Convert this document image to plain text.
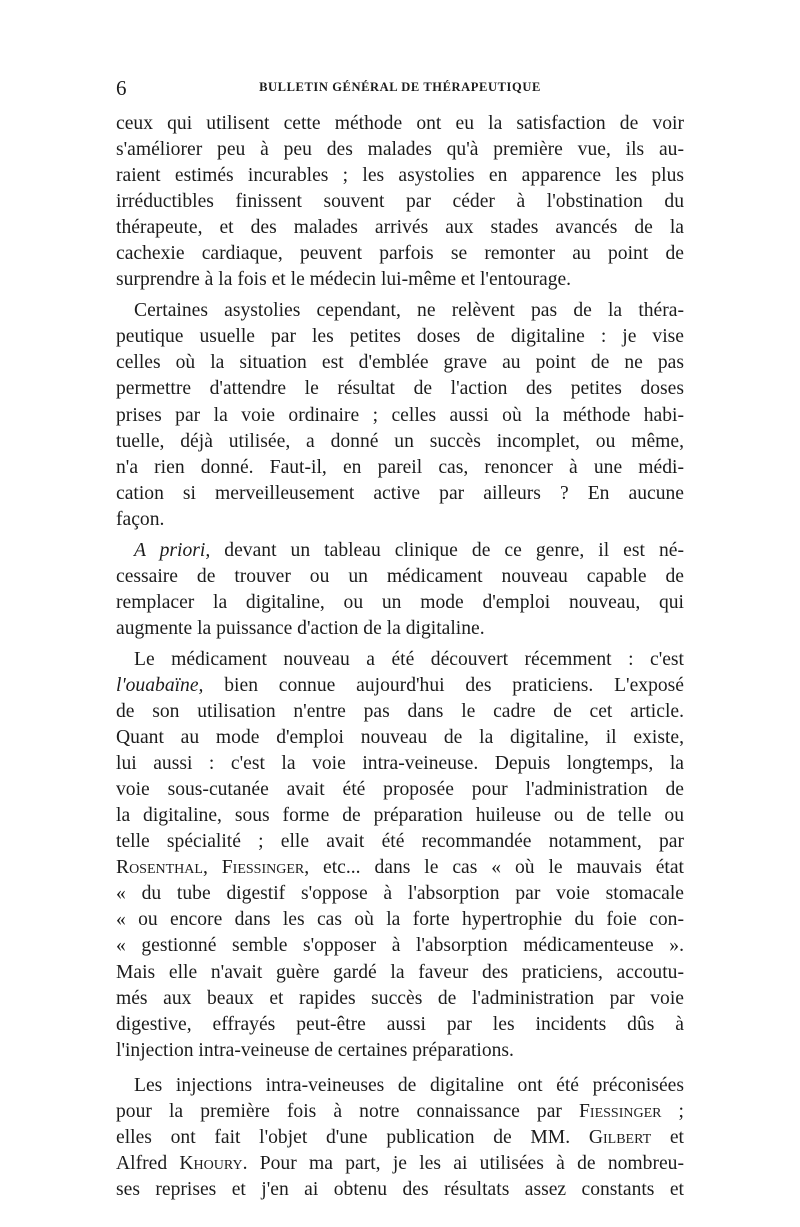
6	BULLETIN GÉNÉRAL DE THÉRAPEUTIQUE
ceux qui utilisent cette méthode ont eu la satisfaction de voir
s'améliorer peu à peu des malades qu'à première vue, ils au-
raient estimés incurables ; les asystolies en apparence les plus
irréductibles finissent souvent par céder à l'obstination du
thérapeute, et des malades arrivés aux stades avancés de la
cachexie cardiaque, peuvent parfois se remonter au point de
surprendre à la fois et le médecin lui-même et l'entourage.
Certaines asystolies cependant, ne relèvent pas de la théra-
peutique usuelle par les petites doses de digitaline : je vise
celles où la situation est d'emblée grave au point de ne pas
permettre d'attendre le résultat de l'action des petites doses
prises par la voie ordinaire ; celles aussi où la méthode habi-
tuelle, déjà utilisée, a donné un succès incomplet, ou même,
n'a rien donné. Faut-il, en pareil cas, renoncer à une médi-
cation si merveilleusement active par ailleurs ? En aucune
façon.
A priori, devant un tableau clinique de ce genre, il est né-
cessaire de trouver ou un médicament nouveau capable de
remplacer la digitaline, ou un mode d'emploi nouveau, qui
augmente la puissance d'action de la digitaline.
Le médicament nouveau a été découvert récemment : c'est
l'ouabaïne, bien connue aujourd'hui des praticiens. L'exposé
de son utilisation n'entre pas dans le cadre de cet article.
Quant au mode d'emploi nouveau de la digitaline, il existe,
lui aussi : c'est la voie intra-veineuse. Depuis longtemps, la
voie sous-cutanée avait été proposée pour l'administration de
la digitaline, sous forme de préparation huileuse ou de telle ou
telle spécialité ; elle avait été recommandée notamment, par
Rosenthal, Fiessinger, etc... dans le cas « où le mauvais état
« du tube digestif s'oppose à l'absorption par voie stomacale
« ou encore dans les cas où la forte hypertrophie du foie con-
« gestionné semble s'opposer à l'absorption médicamenteuse ».
Mais elle n'avait guère gardé la faveur des praticiens, accoutu-
més aux beaux et rapides succès de l'administration par voie
digestive, effrayés peut-être aussi par les incidents dûs à
l'injection intra-veineuse de certaines préparations.
Les injections intra-veineuses de digitaline ont été préconisées
pour la première fois à notre connaissance par Fiessinger ;
elles ont fait l'objet d'une publication de MM. Gilbert et
Alfred Khoury. Pour ma part, je les ai utilisées à de nombreu-
ses reprises et j'en ai obtenu des résultats assez constants et
